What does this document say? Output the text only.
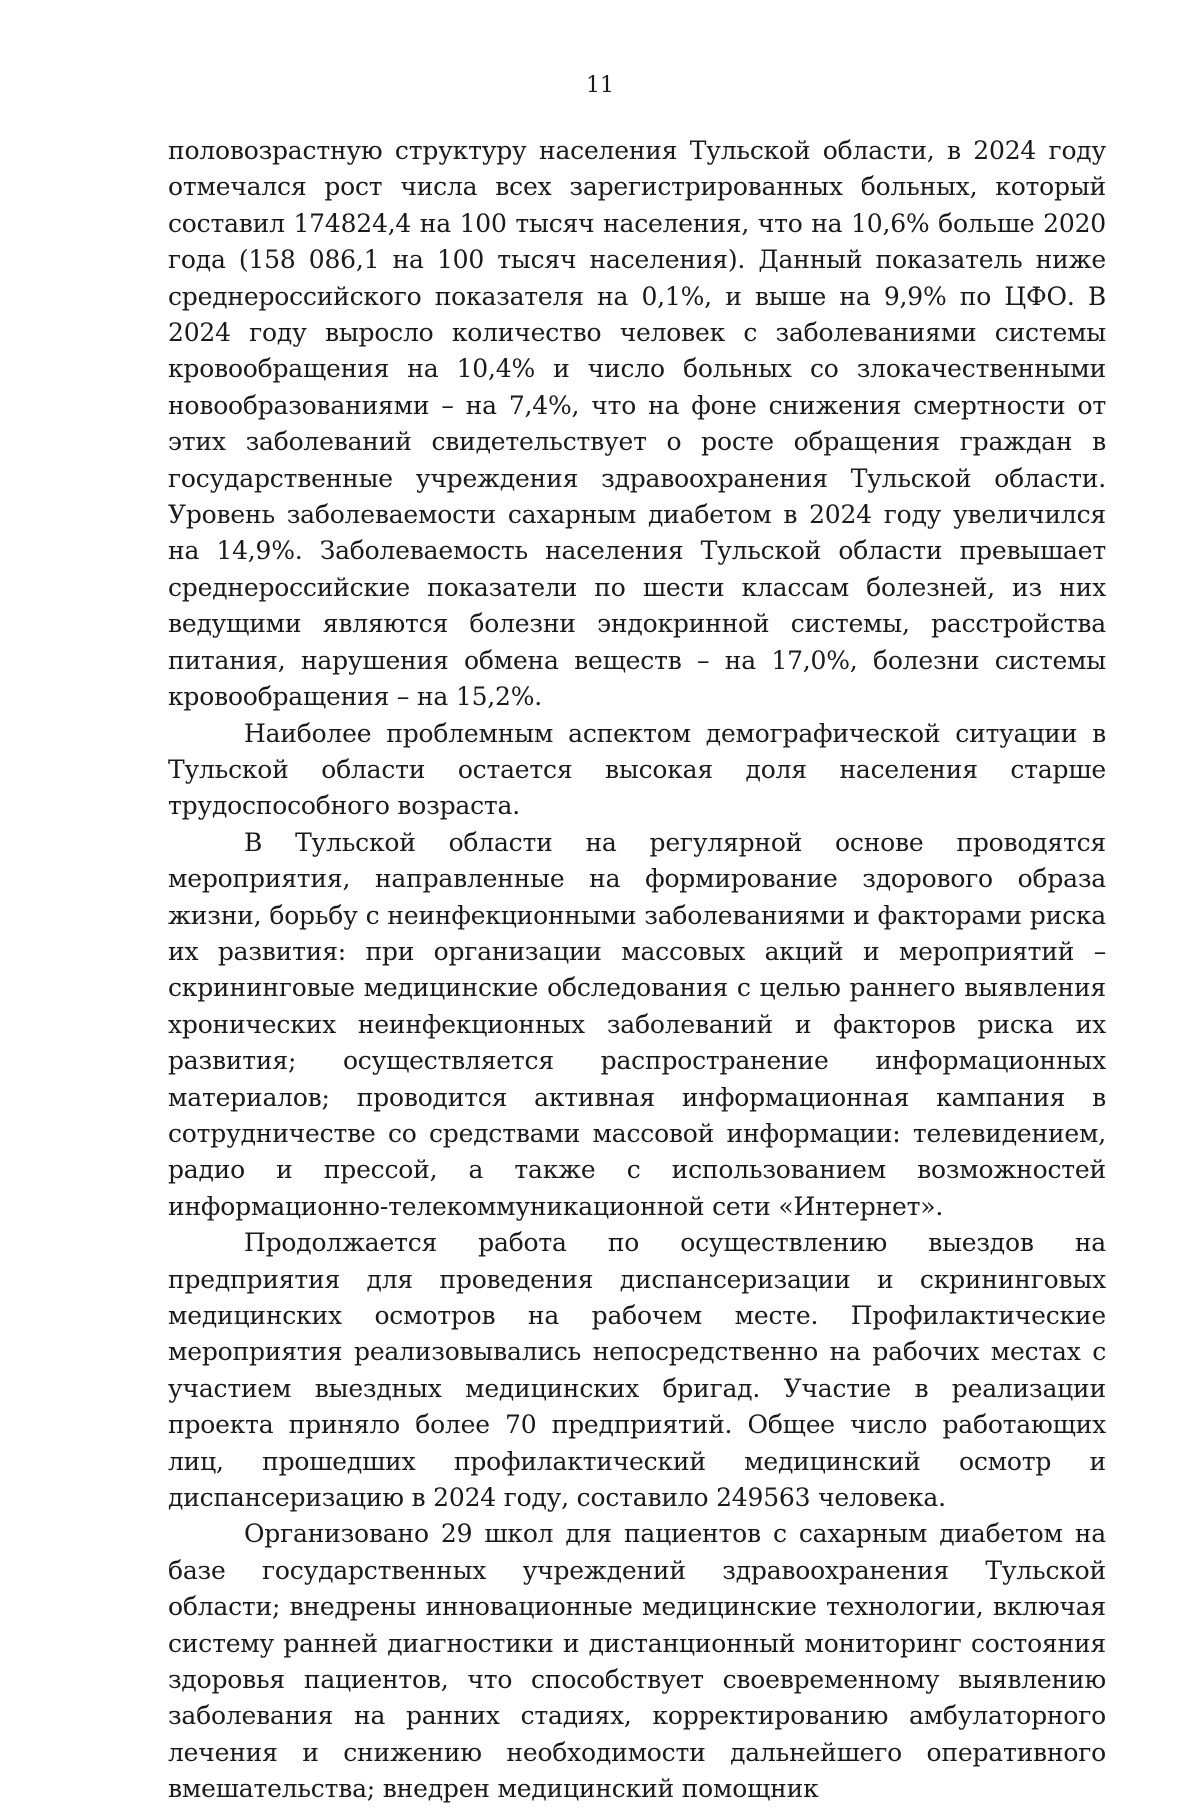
11

половозрастную структуру населения Тульской области, в 2024 году отмечался рост числа всех зарегистрированных больных, который составил 174824,4 на 100 тысяч населения, что на 10,6% больше 2020 года (158 086,1 на 100 тысяч населения). Данный показатель ниже среднероссийского показателя на 0,1%, и выше на 9,9% по ЦФО. В 2024 году выросло количество человек с заболеваниями системы кровообращения на 10,4% и число больных со злокачественными новообразованиями – на 7,4%, что на фоне снижения смертности от этих заболеваний свидетельствует о росте обращения граждан в государственные учреждения здравоохранения Тульской области. Уровень заболеваемости сахарным диабетом в 2024 году увеличился на 14,9%. Заболеваемость населения Тульской области превышает среднероссийские показатели по шести классам болезней, из них ведущими являются болезни эндокринной системы, расстройства питания, нарушения обмена веществ – на 17,0%, болезни системы кровообращения – на 15,2%.

Наиболее проблемным аспектом демографической ситуации в Тульской области остается высокая доля населения старше трудоспособного возраста.

В Тульской области на регулярной основе проводятся мероприятия, направленные на формирование здорового образа жизни, борьбу с неинфекционными заболеваниями и факторами риска их развития: при организации массовых акций и мероприятий – скрининговые медицинские обследования с целью раннего выявления хронических неинфекционных заболеваний и факторов риска их развития; осуществляется распространение информационных материалов; проводится активная информационная кампания в сотрудничестве со средствами массовой информации: телевидением, радио и прессой, а также с использованием возможностей информационно-телекоммуникационной сети «Интернет».

Продолжается работа по осуществлению выездов на предприятия для проведения диспансеризации и скрининговых медицинских осмотров на рабочем месте. Профилактические мероприятия реализовывались непосредственно на рабочих местах с участием выездных медицинских бригад. Участие в реализации проекта приняло более 70 предприятий. Общее число работающих лиц, прошедших профилактический медицинский осмотр и диспансеризацию в 2024 году, составило 249563 человека.

Организовано 29 школ для пациентов с сахарным диабетом на базе государственных учреждений здравоохранения Тульской области; внедрены инновационные медицинские технологии, включая систему ранней диагностики и дистанционный мониторинг состояния здоровья пациентов, что способствует своевременному выявлению заболевания на ранних стадиях, корректированию амбулаторного лечения и снижению необходимости дальнейшего оперативного вмешательства; внедрен медицинский помощник
